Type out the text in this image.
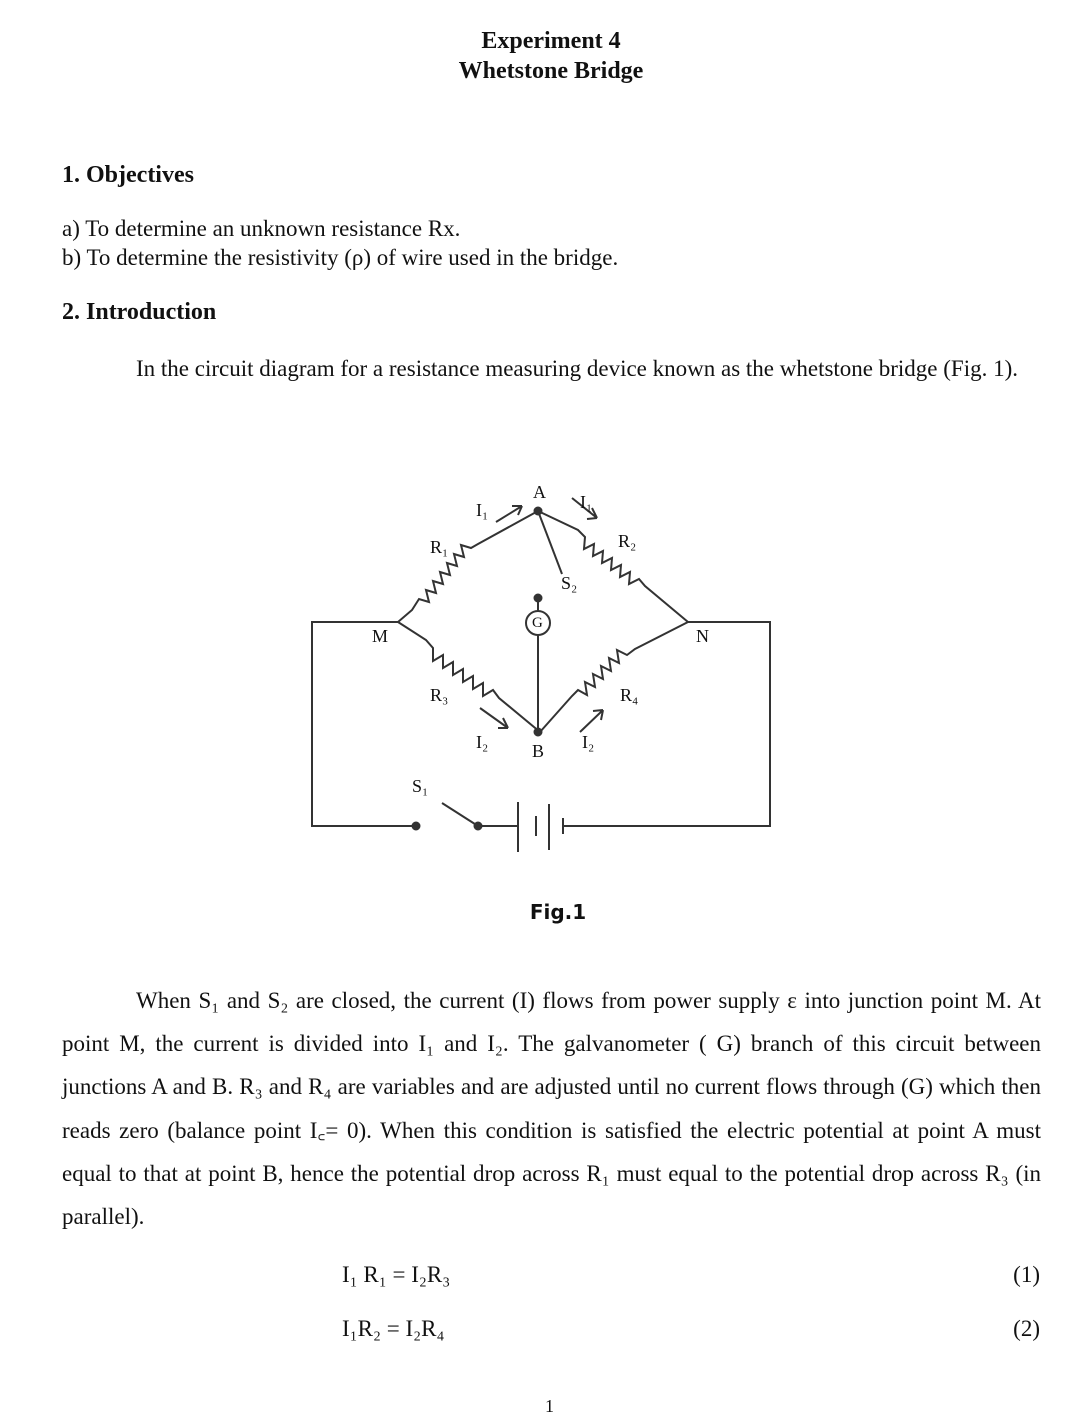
Experiment 4
Whetstone Bridge
1. Objectives
a) To determine an unknown resistance Rx.
b) To determine the resistivity (ρ) of wire used in the bridge.
2. Introduction

In the circuit diagram for a resistance measuring device known as the whetstone bridge (Fig. 1).

A
B
M	N
G
R₁	R₂
R₃	R₄
S₁
S₂
I₁	I₁
I₂	I₂
Fig.1

When S₁ and S₂ are closed, the current (I) flows from power supply ε into junction point M. At point M, the current is divided into I₁ and I₂. The galvanometer ( G) branch of this circuit between junctions A and B. R₃ and R₄ are variables and are adjusted until no current flows through (G) which then reads zero (balance point I꜀= 0). When this condition is satisfied the electric potential at point A must equal to that at point B, hence the potential drop across R₁ must equal to the potential drop across R₃ (in parallel).

I₁ R₁ = I₂R₃	(1)
I₁R₂ = I₂R₄	(2)
1
